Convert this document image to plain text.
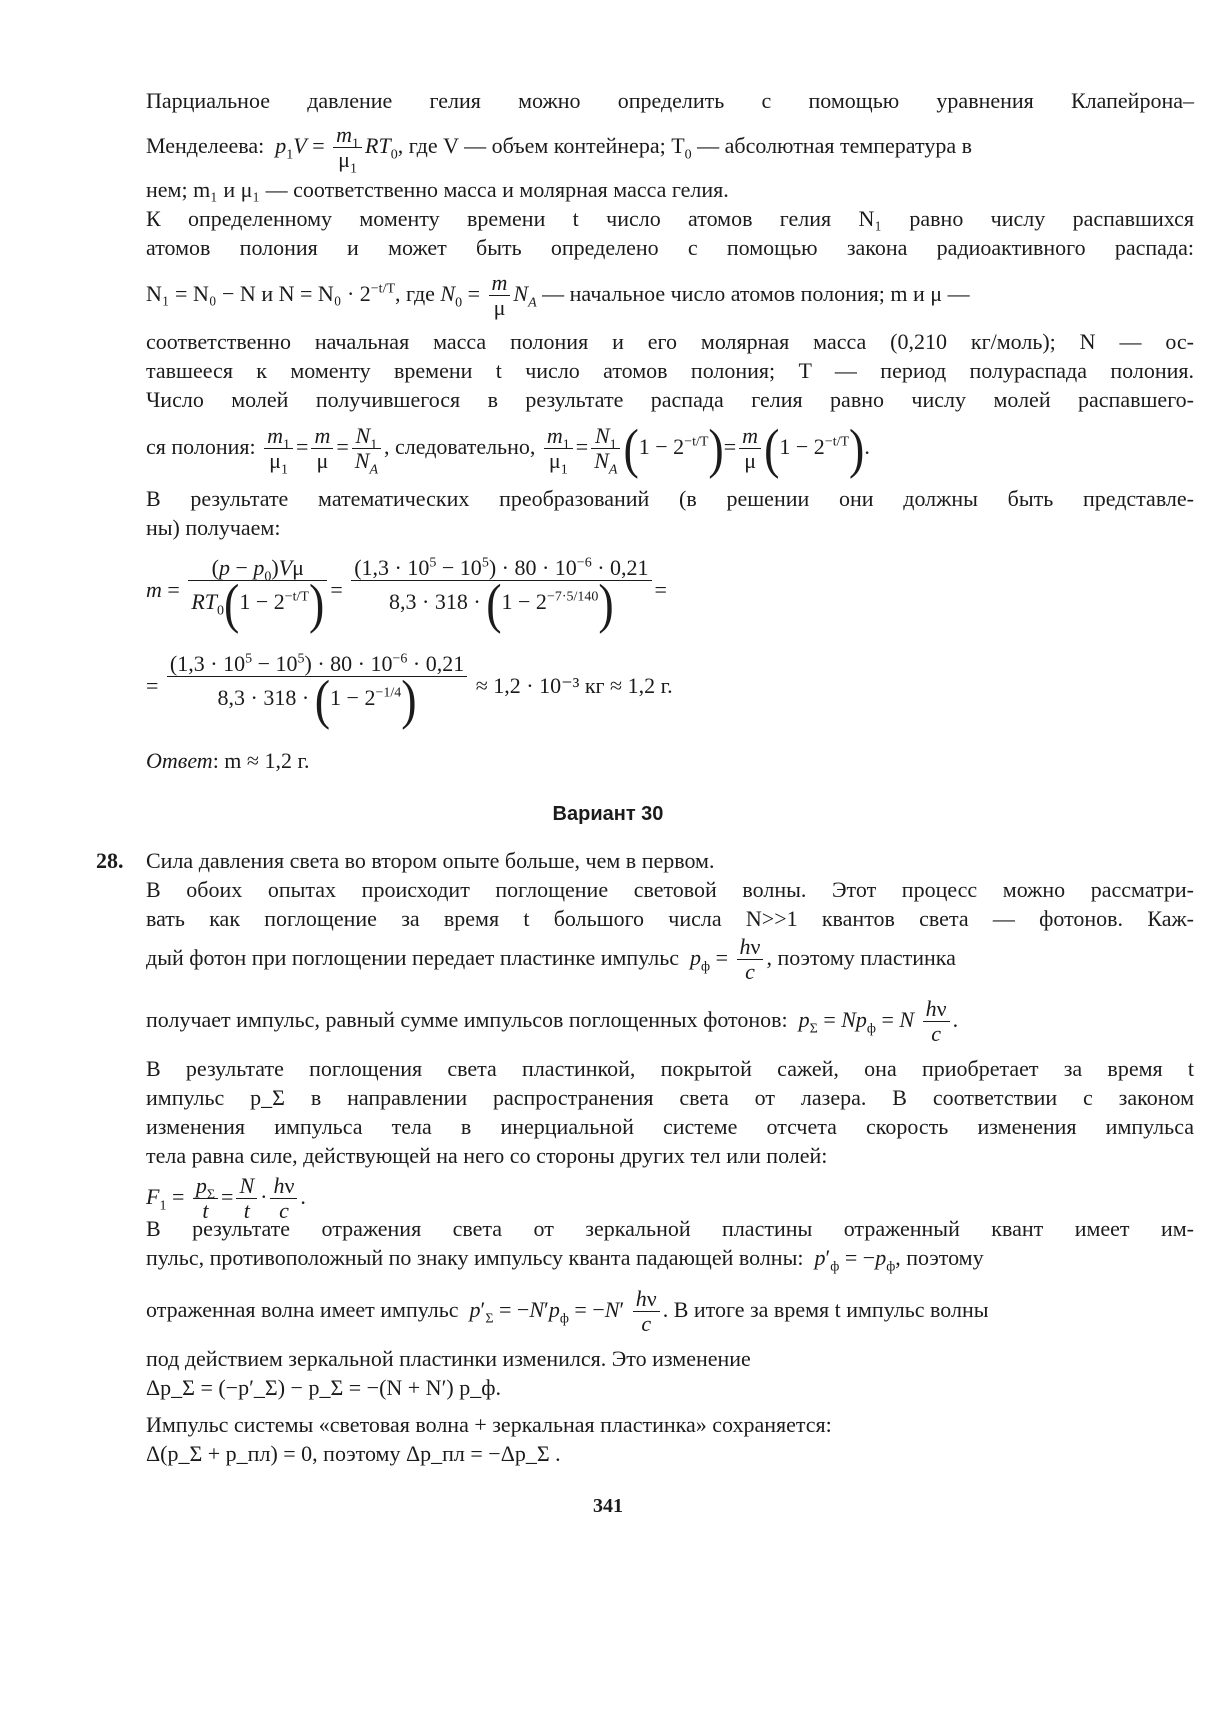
Парциальное давление гелия можно определить с помощью уравнения Клапейрона–
Менделеева: $p_1V = \frac{m_1}{\mu_1} RT_0$, где V — объем контейнера; $T_0$ — абсолютная температура в
нем; m₁ и μ₁ — соответственно масса и молярная масса гелия.
К определенному моменту времени t число атомов гелия N₁ равно числу распавшихся
атомов полония и может быть определено с помощью закона радиоактивного распада:
N₁ = N₀ − N и $N = N_0 \cdot 2^{-t/T}$, где $N_0 = \frac{m}{\mu} N_A$ — начальное число атомов полония; m и μ —
соответственно начальная масса полония и его молярная масса (0,210 кг/моль); N — ос-
тавшееся к моменту времени t число атомов полония; T — период полураспада полония.
Число молей получившегося в результате распада гелия равно числу молей распавшего-
ся полония: $\frac{m_1}{\mu_1} = \frac{m}{\mu} = \frac{N_1}{N_A}$ , следовательно, $\frac{m_1}{\mu_1} = \frac{N_1}{N_A} (1 - 2^{-t/T})= \frac{m}{\mu} (1 - 2^{-t/T})$.
В результате математических преобразований (в решении они должны быть представле-
ны) получаем:
$m = \frac{(p - p_0)V\mu}{RT_0(1 - 2^{-t/T})} = \frac{(1,3 \cdot 10^5 - 10^5) \cdot 80 \cdot 10^{-6} \cdot 0,21}{8,3 \cdot 318 \cdot (1 - 2^{-7\cdot 5/140})}$ =
= $\frac{(1,3 \cdot 10^5 - 10^5) \cdot 80 \cdot 10^{-6} \cdot 0,21}{8,3 \cdot 318 \cdot (1 - 2^{-1/4})} \approx 1,2 \cdot 10^{-3}$ кг ≈ 1,2 г.
Ответ: m ≈ 1,2 г.
Вариант 30
28. Сила давления света во втором опыте больше, чем в первом.
В обоих опытах происходит поглощение световой волны. Этот процесс можно рассматри-
вать как поглощение за время t большого числа N>>1 квантов света — фотонов. Каж-
дый фотон при поглощении передает пластинке импульс $p_ф = \frac{h\nu}{c}$ , поэтому пластинка
получает импульс, равный сумме импульсов поглощенных фотонов: $p_\Sigma = Np_ф = N \frac{h\nu}{c}$ .
В результате поглощения света пластинкой, покрытой сажей, она приобретает за время t
импульс p_Σ в направлении распространения света от лазера. В соответствии с законом
изменения импульса тела в инерциальной системе отсчета скорость изменения импульса
тела равна силе, действующей на него со стороны других тел или полей:
$F_1 = \frac{p_\Sigma}{t} = \frac{N}{t} \cdot \frac{h\nu}{c}$ .
В результате отражения света от зеркальной пластины отраженный квант имеет им-
пульс, противоположный по знаку импульсу кванта падающей волны: $p'_ф = -p_ф$, поэтому
отраженная волна имеет импульс $p'_\Sigma = -N'p_ф = -N' \frac{h\nu}{c}$ . В итоге за время t импульс волны
под действием зеркальной пластинки изменился. Это изменение
Δp_Σ = (−p′_Σ) − p_Σ = −(N + N′) p_ф.
Импульс системы «световая волна + зеркальная пластинка» сохраняется:
Δ(p_Σ + p_пл) = 0, поэтому Δp_пл = −Δp_Σ .
341
